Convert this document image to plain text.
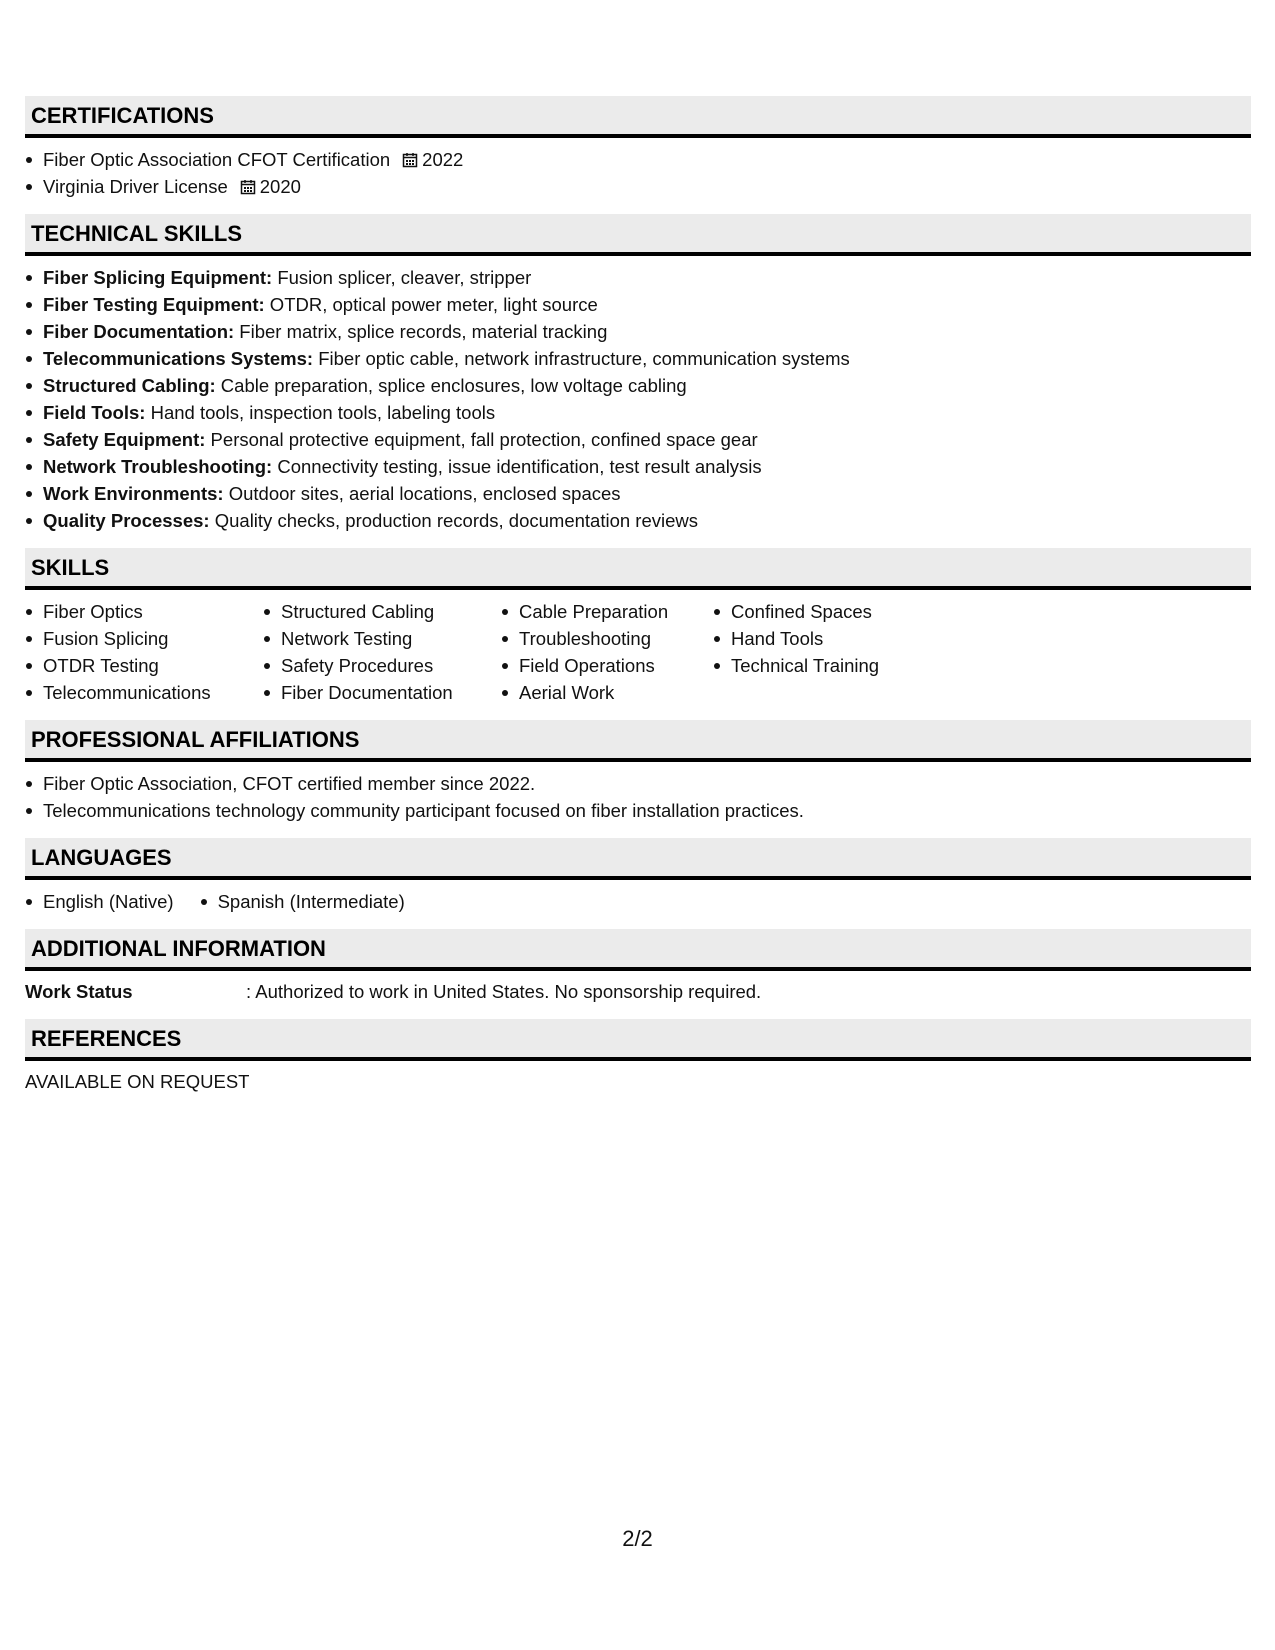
CERTIFICATIONS
Fiber Optic Association CFOT Certification 2022
Virginia Driver License 2020
TECHNICAL SKILLS
Fiber Splicing Equipment: Fusion splicer, cleaver, stripper
Fiber Testing Equipment: OTDR, optical power meter, light source
Fiber Documentation: Fiber matrix, splice records, material tracking
Telecommunications Systems: Fiber optic cable, network infrastructure, communication systems
Structured Cabling: Cable preparation, splice enclosures, low voltage cabling
Field Tools: Hand tools, inspection tools, labeling tools
Safety Equipment: Personal protective equipment, fall protection, confined space gear
Network Troubleshooting: Connectivity testing, issue identification, test result analysis
Work Environments: Outdoor sites, aerial locations, enclosed spaces
Quality Processes: Quality checks, production records, documentation reviews
SKILLS
Fiber Optics
Fusion Splicing
OTDR Testing
Telecommunications
Structured Cabling
Network Testing
Safety Procedures
Fiber Documentation
Cable Preparation
Troubleshooting
Field Operations
Aerial Work
Confined Spaces
Hand Tools
Technical Training
PROFESSIONAL AFFILIATIONS
Fiber Optic Association, CFOT certified member since 2022.
Telecommunications technology community participant focused on fiber installation practices.
LANGUAGES
English (Native) Spanish (Intermediate)
ADDITIONAL INFORMATION
Work Status	: Authorized to work in United States. No sponsorship required.
REFERENCES
AVAILABLE ON REQUEST
2/2
